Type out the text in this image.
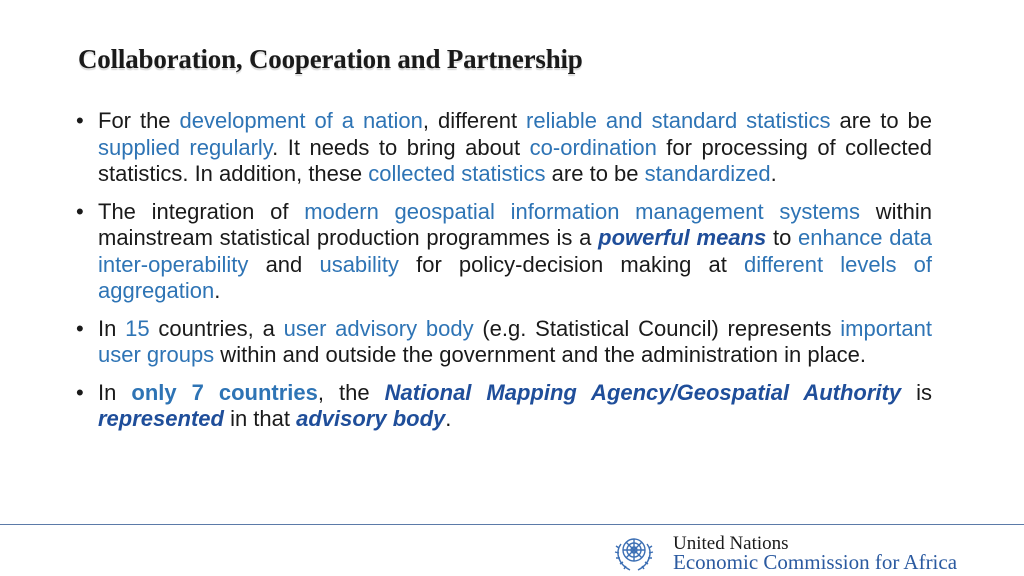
Collaboration, Cooperation and Partnership
• For the development of a nation, different reliable and standard statistics are to be supplied regularly. It needs to bring about co-ordination for processing of collected statistics. In addition, these collected statistics are to be standardized.
• The integration of modern geospatial information management systems within mainstream statistical production programmes is a powerful means to enhance data inter-operability and usability for policy-decision making at different levels of aggregation.
• In 15 countries, a user advisory body (e.g. Statistical Council) represents important user groups within and outside the government and the administration in place.
• In only 7 countries, the National Mapping Agency/Geospatial Authority is represented in that advisory body.
United Nations
Economic Commission for Africa
